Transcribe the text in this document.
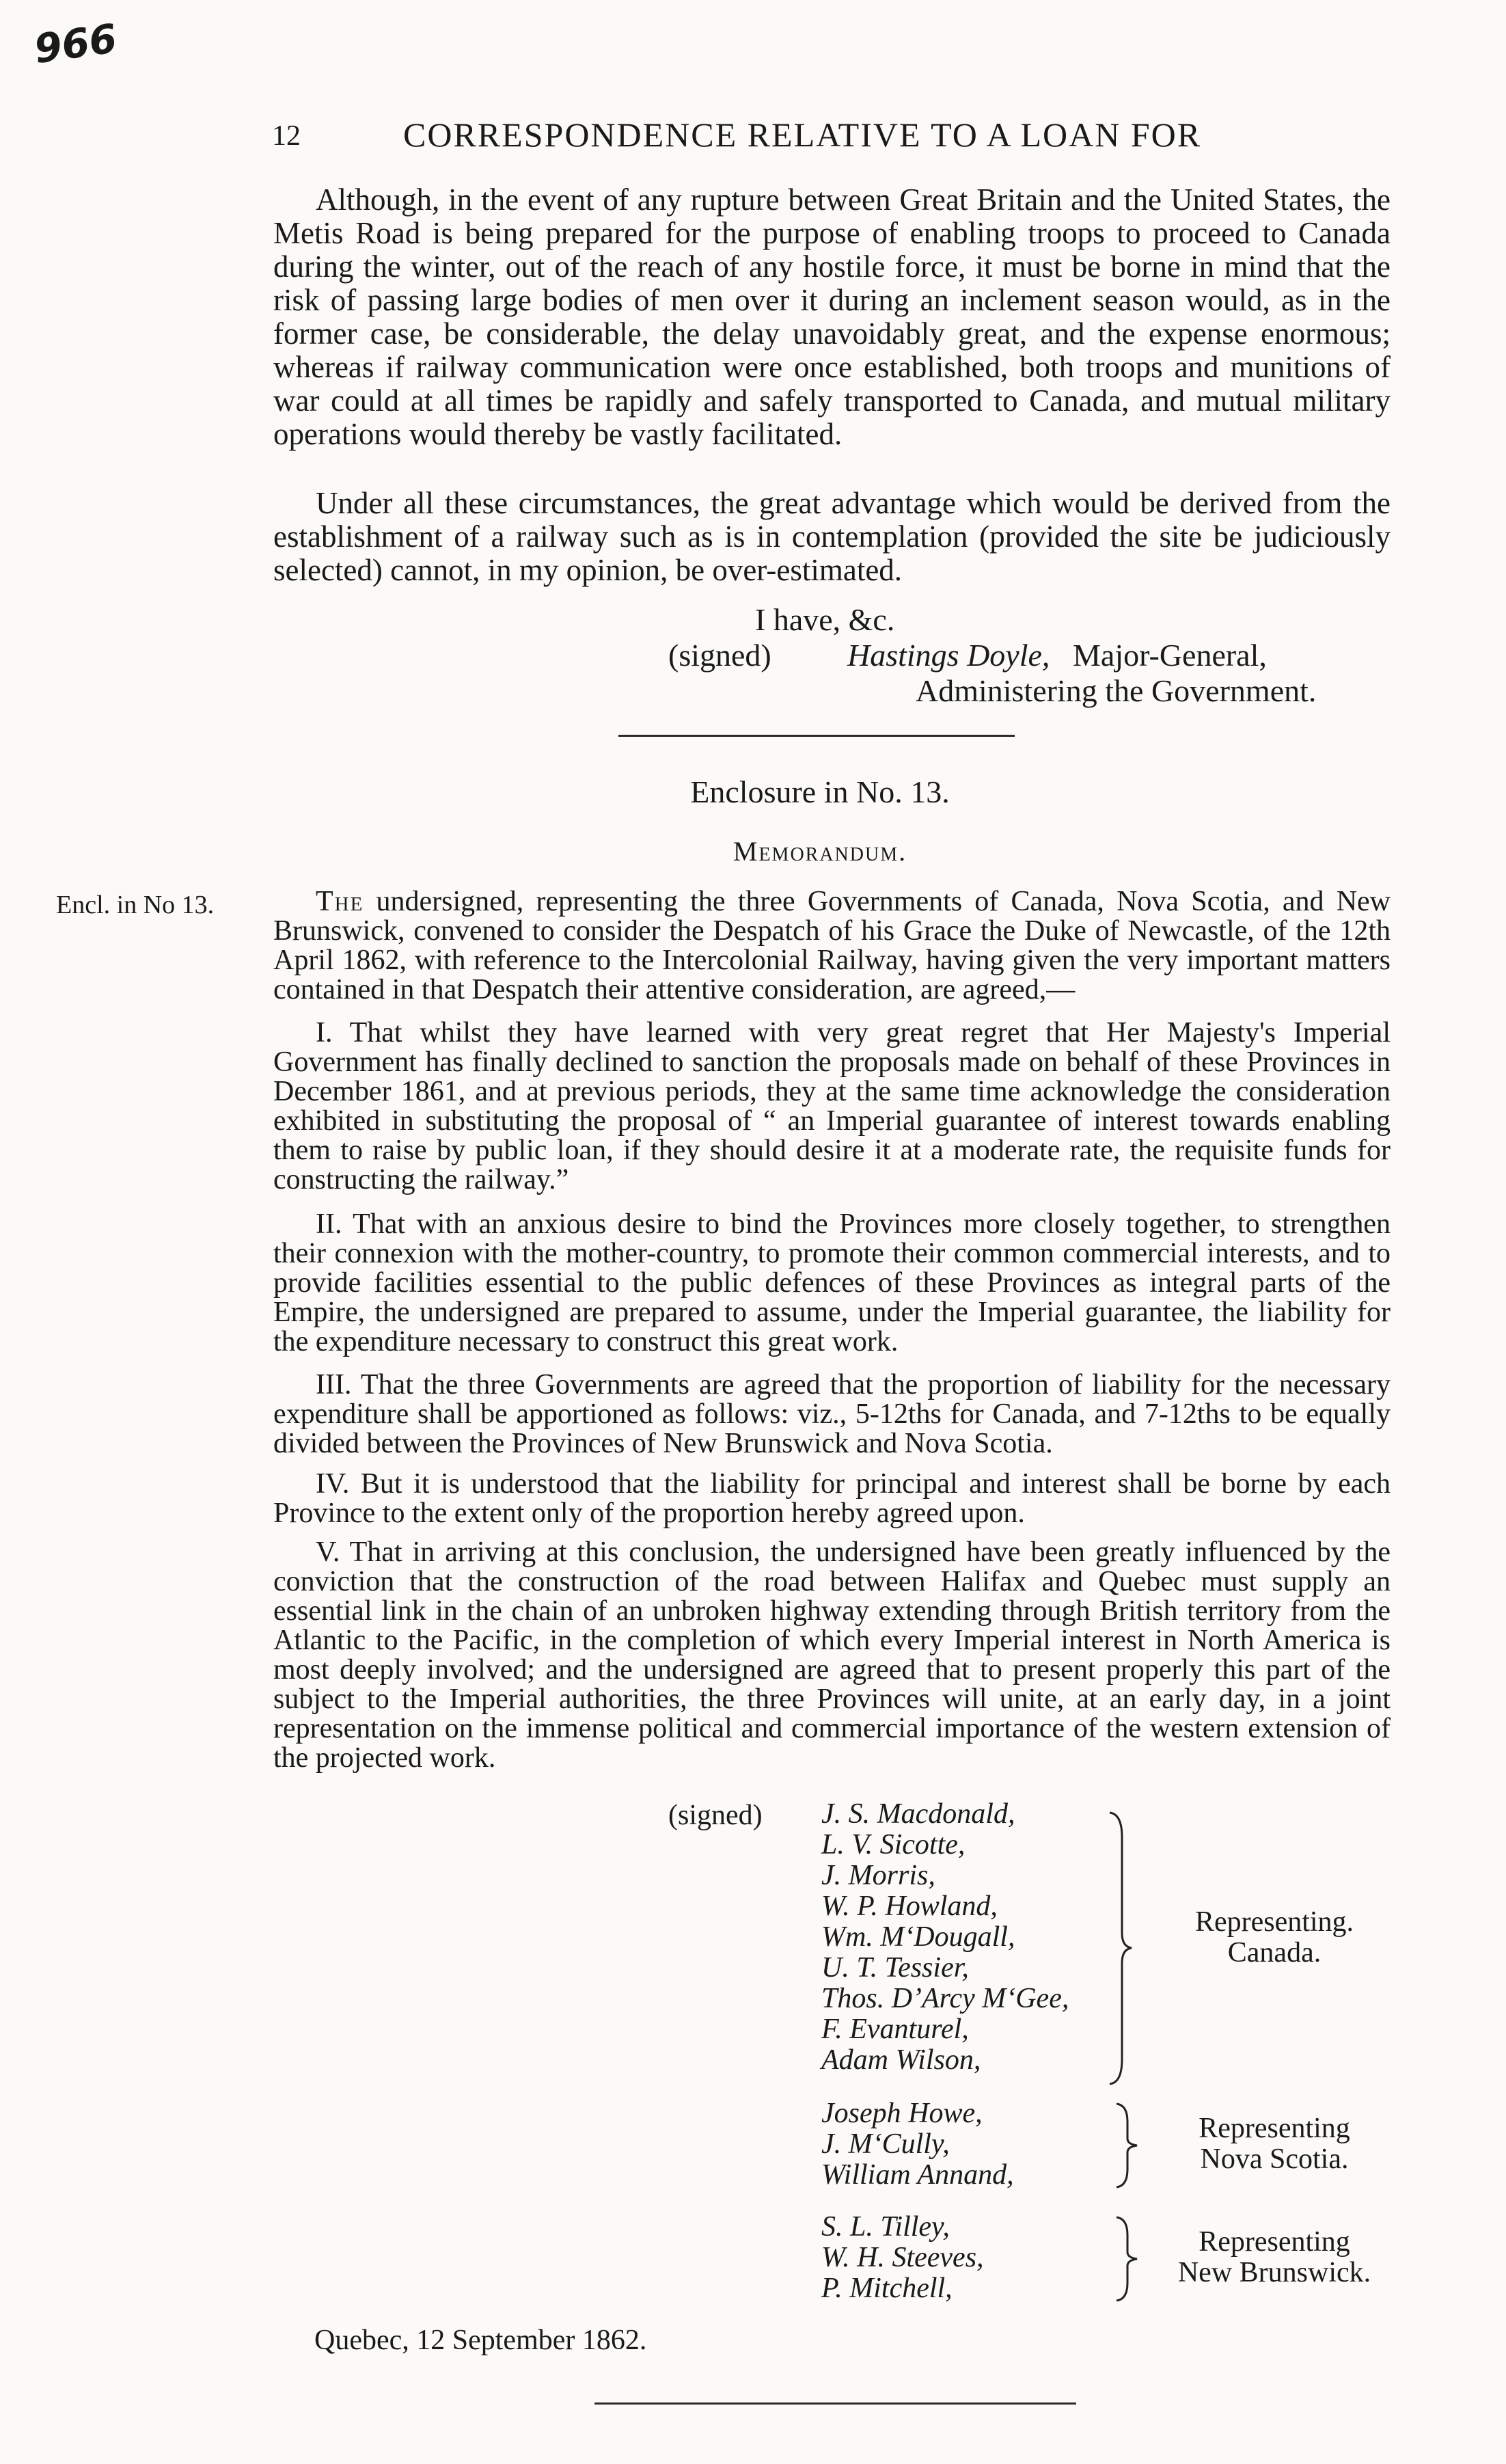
966
12	CORRESPONDENCE RELATIVE TO A LOAN FOR
Although, in the event of any rupture between Great Britain and the United States, the Metis Road is being prepared for the purpose of enabling troops to proceed to Canada during the winter, out of the reach of any hostile force, it must be borne in mind that the risk of passing large bodies of men over it during an inclement season would, as in the former case, be considerable, the delay unavoidably great, and the expense enormous; whereas if railway communication were once established, both troops and munitions of war could at all times be rapidly and safely transported to Canada, and mutual military operations would thereby be vastly facilitated.
Under all these circumstances, the great advantage which would be derived from the establishment of a railway such as is in contemplation (provided the site be judiciously selected) cannot, in my opinion, be over-estimated.
I have, &c.
(signed) Hastings Doyle, Major-General,
Administering the Government.
Enclosure in No. 13.
Memorandum.
Encl. in No 13.	The undersigned, representing the three Governments of Canada, Nova Scotia, and New Brunswick, convened to consider the Despatch of his Grace the Duke of Newcastle, of the 12th April 1862, with reference to the Intercolonial Railway, having given the very important matters contained in that Despatch their attentive consideration, are agreed,—
I. That whilst they have learned with very great regret that Her Majesty's Imperial Government has finally declined to sanction the proposals made on behalf of these Provinces in December 1861, and at previous periods, they at the same time acknowledge the consideration exhibited in substituting the proposal of “ an Imperial guarantee of interest towards enabling them to raise by public loan, if they should desire it at a moderate rate, the requisite funds for constructing the railway.”
II. That with an anxious desire to bind the Provinces more closely together, to strengthen their connexion with the mother-country, to promote their common commercial interests, and to provide facilities essential to the public defences of these Provinces as integral parts of the Empire, the undersigned are prepared to assume, under the Imperial guarantee, the liability for the expenditure necessary to construct this great work.
III. That the three Governments are agreed that the proportion of liability for the necessary expenditure shall be apportioned as follows: viz., 5-12ths for Canada, and 7-12ths to be equally divided between the Provinces of New Brunswick and Nova Scotia.
IV. But it is understood that the liability for principal and interest shall be borne by each Province to the extent only of the proportion hereby agreed upon.
V. That in arriving at this conclusion, the undersigned have been greatly influenced by the conviction that the construction of the road between Halifax and Quebec must supply an essential link in the chain of an unbroken highway extending through British territory from the Atlantic to the Pacific, in the completion of which every Imperial interest in North America is most deeply involved; and the undersigned are agreed that to present properly this part of the subject to the Imperial authorities, the three Provinces will unite, at an early day, in a joint representation on the immense political and commercial importance of the western extension of the projected work.
(signed) J. S. Macdonald,
L. V. Sicotte,
J. Morris,
W. P. Howland,
Wm. M‘Dougall,
U. T. Tessier,
Thos. D’Arcy M‘Gee,
F. Evanturel,
Adam Wilson,
Representing.
Canada.
Joseph Howe,
J. M‘Cully,
William Annand,
Representing
Nova Scotia.
S. L. Tilley,
W. H. Steeves,
P. Mitchell,
Representing
New Brunswick.
Quebec, 12 September 1862.
